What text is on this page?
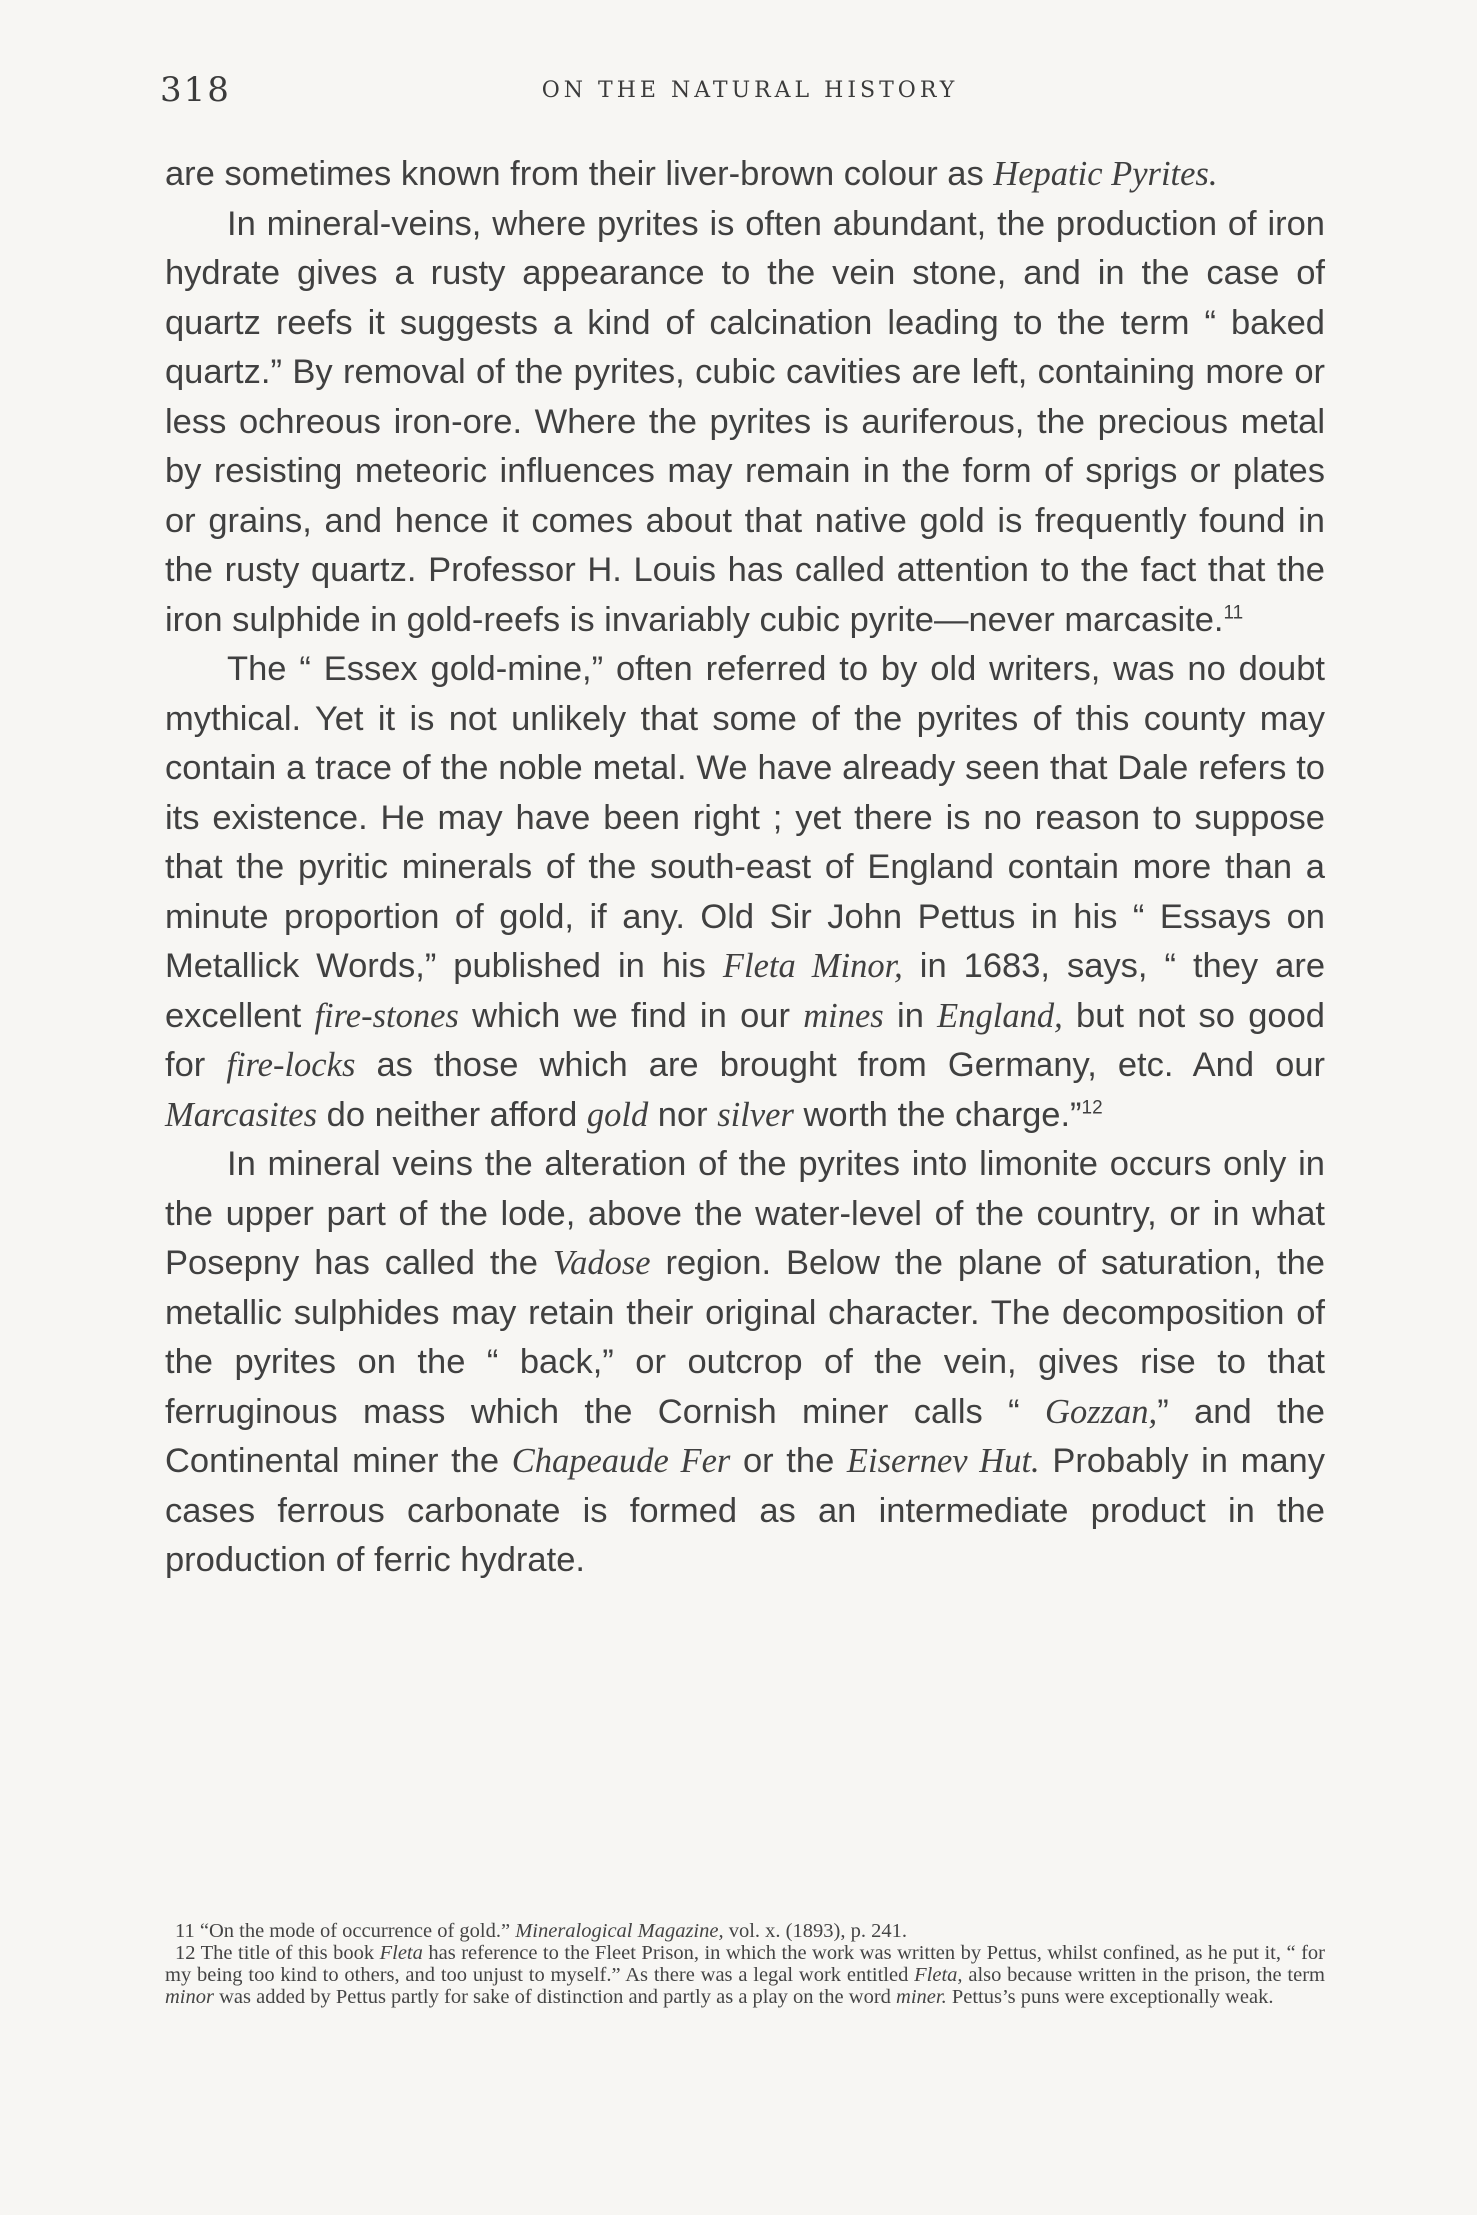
318	ON THE NATURAL HISTORY

are sometimes known from their liver-brown colour as Hepatic Pyrites.

In mineral-veins, where pyrites is often abundant, the production of iron hydrate gives a rusty appearance to the vein stone, and in the case of quartz reefs it suggests a kind of calcination leading to the term “ baked quartz.” By removal of the pyrites, cubic cavities are left, containing more or less ochreous iron-ore. Where the pyrites is auriferous, the precious metal by resisting meteoric influences may remain in the form of sprigs or plates or grains, and hence it comes about that native gold is frequently found in the rusty quartz. Professor H. Louis has called attention to the fact that the iron sulphide in gold-reefs is invariably cubic pyrite—never marcasite.$^{11}$

The “ Essex gold-mine,” often referred to by old writers, was no doubt mythical. Yet it is not unlikely that some of the pyrites of this county may contain a trace of the noble metal. We have already seen that Dale refers to its existence. He may have been right ; yet there is no reason to suppose that the pyritic minerals of the south-east of England contain more than a minute proportion of gold, if any. Old Sir John Pettus in his “ Essays on Metallick Words,” published in his Fleta Minor, in 1683, says, “ they are excellent fire-stones which we find in our mines in England, but not so good for fire-locks as those which are brought from Germany, etc. And our Marcasites do neither afford gold nor silver worth the charge.”$^{12}$

In mineral veins the alteration of the pyrites into limonite occurs only in the upper part of the lode, above the water-level of the country, or in what Posepny has called the Vadose region. Below the plane of saturation, the metallic sulphides may retain their original character. The decomposition of the pyrites on the “ back,” or outcrop of the vein, gives rise to that ferruginous mass which the Cornish miner calls “ Gozzan,” and the Continental miner the Chapeaude Fer or the Eisernev Hut. Probably in many cases ferrous carbonate is formed as an intermediate product in the production of ferric hydrate.

11 “On the mode of occurrence of gold.” Mineralogical Magazine, vol. x. (1893), p. 241.

12 The title of this book Fleta has reference to the Fleet Prison, in which the work was written by Pettus, whilst confined, as he put it, “ for my being too kind to others, and too unjust to myself.” As there was a legal work entitled Fleta, also because written in the prison, the term minor was added by Pettus partly for sake of distinction and partly as a play on the word miner. Pettus’s puns were exceptionally weak.
